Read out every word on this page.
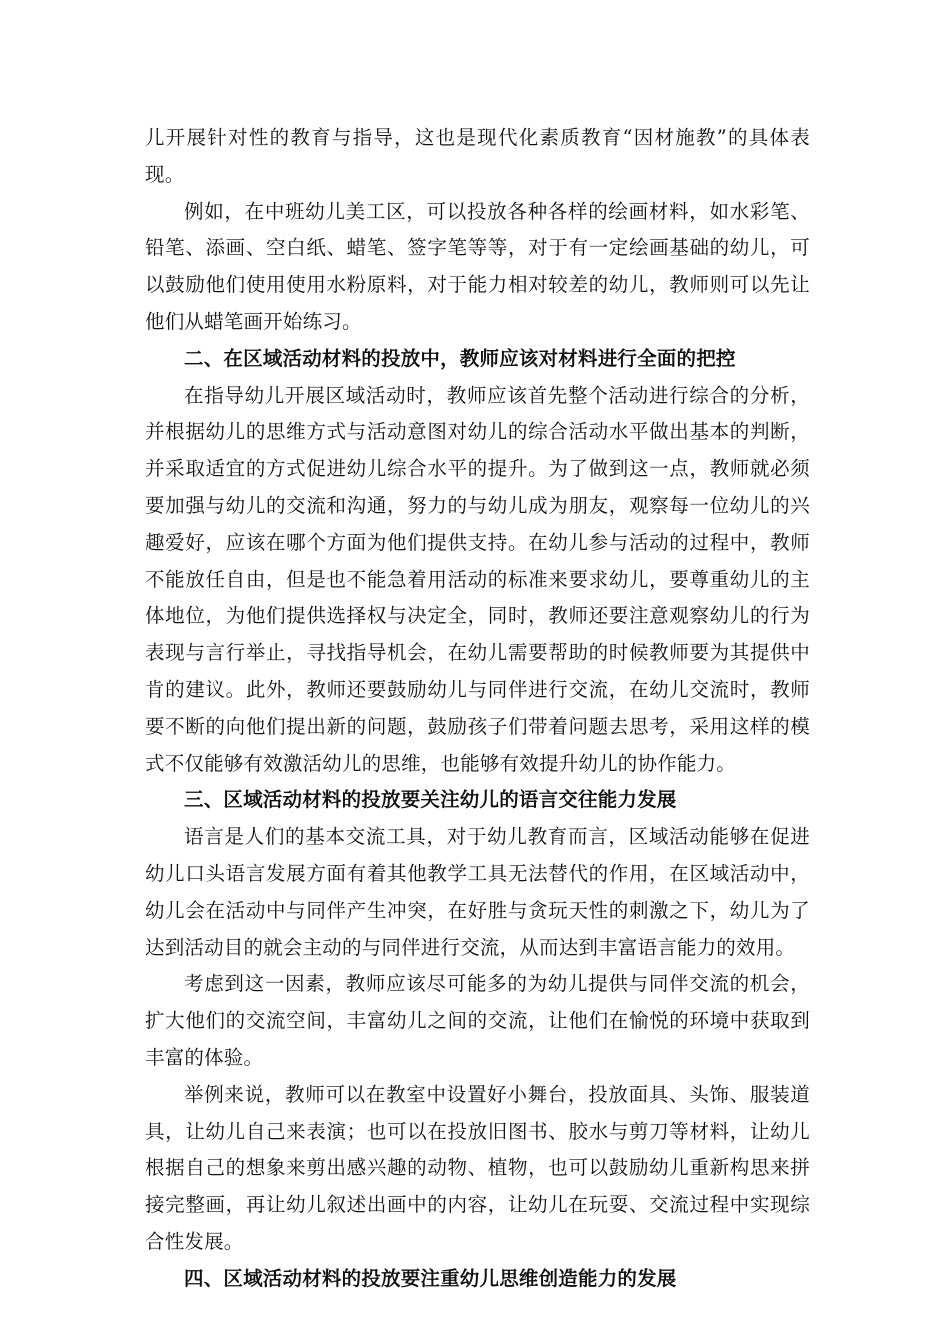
儿开展针对性的教育与指导，这也是现代化素质教育“因材施教”的具体表现。

例如，在中班幼儿美工区，可以投放各种各样的绘画材料，如水彩笔、铅笔、添画、空白纸、蜡笔、签字笔等等，对于有一定绘画基础的幼儿，可以鼓励他们使用使用水粉原料，对于能力相对较差的幼儿，教师则可以先让他们从蜡笔画开始练习。

二、在区域活动材料的投放中，教师应该对材料进行全面的把控

在指导幼儿开展区域活动时，教师应该首先整个活动进行综合的分析，并根据幼儿的思维方式与活动意图对幼儿的综合活动水平做出基本的判断，并采取适宜的方式促进幼儿综合水平的提升。为了做到这一点，教师就必须要加强与幼儿的交流和沟通，努力的与幼儿成为朋友，观察每一位幼儿的兴趣爱好，应该在哪个方面为他们提供支持。在幼儿参与活动的过程中，教师不能放任自由，但是也不能急着用活动的标准来要求幼儿，要尊重幼儿的主体地位，为他们提供选择权与决定全，同时，教师还要注意观察幼儿的行为表现与言行举止，寻找指导机会，在幼儿需要帮助的时候教师要为其提供中肯的建议。此外，教师还要鼓励幼儿与同伴进行交流，在幼儿交流时，教师要不断的向他们提出新的问题，鼓励孩子们带着问题去思考，采用这样的模式不仅能够有效激活幼儿的思维，也能够有效提升幼儿的协作能力。

三、区域活动材料的投放要关注幼儿的语言交往能力发展

语言是人们的基本交流工具，对于幼儿教育而言，区域活动能够在促进幼儿口头语言发展方面有着其他教学工具无法替代的作用，在区域活动中，幼儿会在活动中与同伴产生冲突，在好胜与贪玩天性的刺激之下，幼儿为了达到活动目的就会主动的与同伴进行交流，从而达到丰富语言能力的效用。

考虑到这一因素，教师应该尽可能多的为幼儿提供与同伴交流的机会，扩大他们的交流空间，丰富幼儿之间的交流，让他们在愉悦的环境中获取到丰富的体验。

举例来说，教师可以在教室中设置好小舞台，投放面具、头饰、服装道具，让幼儿自己来表演；也可以在投放旧图书、胶水与剪刀等材料，让幼儿根据自己的想象来剪出感兴趣的动物、植物，也可以鼓励幼儿重新构思来拼接完整画，再让幼儿叙述出画中的内容，让幼儿在玩耍、交流过程中实现综合性发展。

四、区域活动材料的投放要注重幼儿思维创造能力的发展
